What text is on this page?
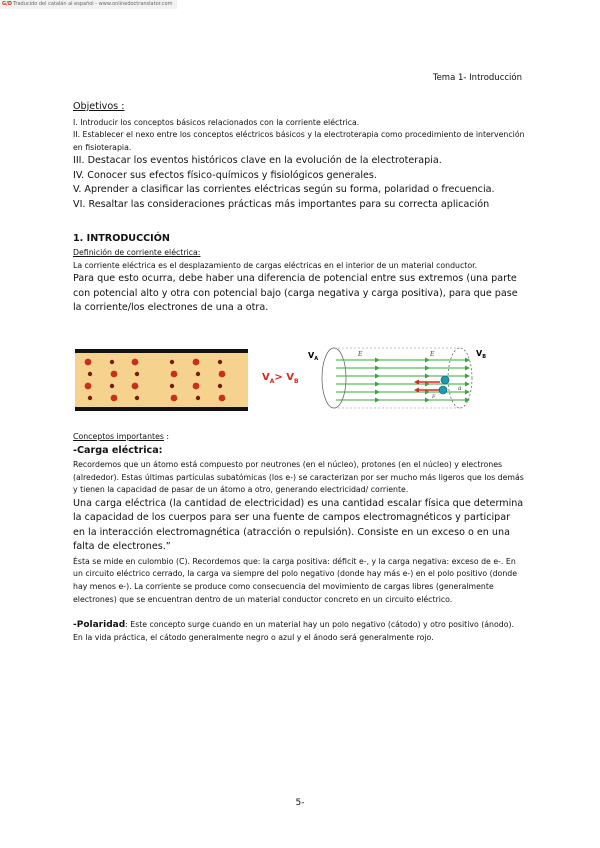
G/DTraducido del catalán al español - www.onlinedoctranslator.com
Tema 1- Introducción

Objetivos :

I. Introducir los conceptos básicos relacionados con la corriente eléctrica.

II. Establecer el nexo entre los conceptos eléctricos básicos y la electroterapia como procedimiento de intervención en fisioterapia.

III. Destacar los eventos históricos clave en la evolución de la electroterapia.

IV. Conocer sus efectos físico-químicos y fisiológicos generales.

V. Aprender a clasificar las corrientes eléctricas según su forma, polaridad o frecuencia.

VI. Resaltar las consideraciones prácticas más importantes para su correcta aplicación

1. INTRODUCCIÓN

Definición de corriente eléctrica:

La corriente eléctrica es el desplazamiento de cargas eléctricas en el interior de un material conductor.

Para que esto ocurra, debe haber una diferencia de potencial entre sus extremos (una parte con potencial alto y otra con potencial bajo (carga negativa y carga positiva), para que pase la corriente/los electrones de una a otra.

$V_A> V_B$
$V_A$
$V_B$
E	E
F
a

Conceptos importantes :

-Carga eléctrica:

Recordemos que un átomo está compuesto por neutrones (en el núcleo), protones (en el núcleo) y electrones (alrededor). Estas últimas partículas subatómicas (los e-) se caracterizan por ser mucho más ligeros que los demás y tienen la capacidad de pasar de un átomo a otro, generando electricidad/ corriente.

Una carga eléctrica (la cantidad de electricidad) es una cantidad escalar física que determina la capacidad de los cuerpos para ser una fuente de campos electromagnéticos y participar en la interacción electromagnética (atracción o repulsión). Consiste en un exceso o en una falta de electrones.”

Ésta se mide en culombio (C). Recordemos que: la carga positiva: déficit e-, y la carga negativa: exceso de e-. En un circuito eléctrico cerrado, la carga va siempre del polo negativo (donde hay más e-) en el polo positivo (donde hay menos e-). La corriente se produce como consecuencia del movimiento de cargas libres (generalmente electrones) que se encuentran dentro de un material conductor concreto en un circuito eléctrico.

-Polaridad: Este concepto surge cuando en un material hay un polo negativo (cátodo) y otro positivo (ánodo). En la vida práctica, el cátodo generalmente negro o azul y el ánodo será generalmente rojo.

5-
